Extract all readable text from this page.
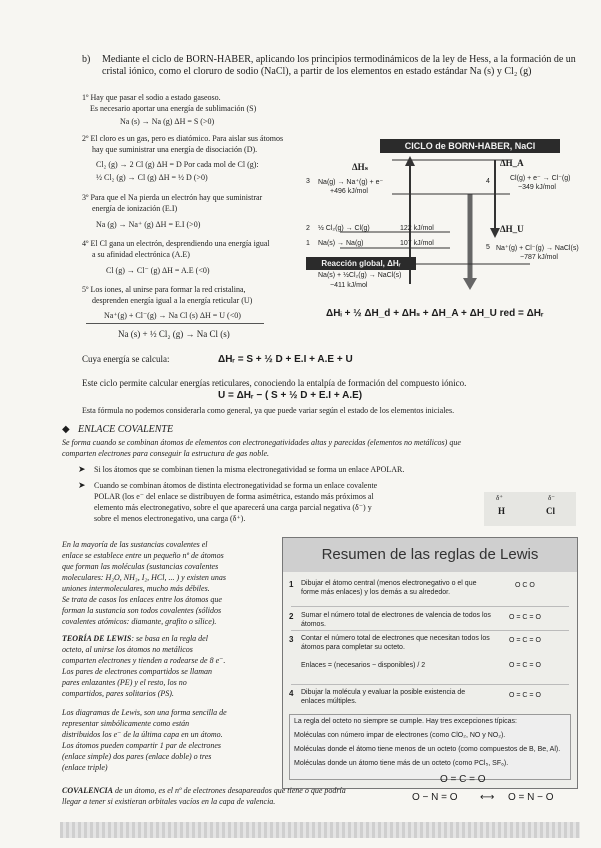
b) Mediante el ciclo de BORN-HABER, aplicando los principios termodinámicos de la ley de Hess, a la formación de un
cristal iónico, como el cloruro de sodio (NaCl), a partir de los elementos en estado estándar Na (s) y Cl₂ (g)
1º Hay que pasar el sodio a estado gaseoso.
Es necesario aportar una energía de sublimación (S)
Na (s) → Na (g) ΔH = S (>0)
2º El cloro es un gas, pero es diatómico. Para aislar sus átomos
hay que suministrar una energía de disociación (D).
Cl₂ (g) → 2 Cl (g) ΔH = D Por cada mol de Cl (g):
½ Cl₂ (g) → Cl (g) ΔH = ½ D (>0)
3º Para que el Na pierda un electrón hay que suministrar
energía de ionización (E.I)
Na (g) → Na⁺ (g) ΔH = E.I (>0)
4º El Cl gana un electrón, desprendiendo una energía igual
a su afinidad electrónica (A.E)
Cl (g) → Cl⁻ (g) ΔH = A.E (<0)
5º Los iones, al unirse para formar la red cristalina,
desprenden energía igual a la energía reticular (U)
Na⁺(g) + Cl⁻(g) → Na Cl (s) ΔH = U (<0)
Na (s) + ½ Cl₂ (g) → Na Cl (s)
CICLO de BORN-HABER, NaCl
ΔHₛ	ΔH_A
3 Na(g) → Na⁺(g) + e⁻
+496 kJ/mol
4	Cl(g) + e⁻ → Cl⁻(g)
−349 kJ/mol
2 ½ Cl₂(g) → Cl(g)	122 kJ/mol
1 Na(s) → Na(g)	107 kJ/mol
ΔH_U
5 Na⁺(g) + Cl⁻(g) → NaCl(s)
−787 kJ/mol
Reacción global, ΔHᵣ
Na(s) + ½Cl₂(g) → NaCl(s)
−411 kJ/mol
ΔHᵢ + ½ ΔH_d + ΔHₛ + ΔH_A + ΔH_U red = ΔHᵣ
Cuya energía se calcula:	ΔHᵣ = S + ½ D + E.I + A.E + U
Este ciclo permite calcular energías reticulares, conociendo la entalpía de formación del compuesto iónico.
U = ΔHᵣ − ( S + ½ D + E.I + A.E)
Esta fórmula no podemos considerarla como general, ya que puede variar según el estado de los elementos iniciales.
◆ ENLACE COVALENTE
Se forma cuando se combinan átomos de elementos con electronegatividades altas y parecidas (elementos no metálicos) que
comparten electrones para conseguir la estructura de gas noble.
➤ Si los átomos que se combinan tienen la misma electronegatividad se forma un enlace APOLAR.
➤ Cuando se combinan átomos de distinta electronegatividad se forma un enlace covalente
POLAR (los e⁻ del enlace se distribuyen de forma asimétrica, estando más próximos al
elemento más electronegativo, sobre el que aparecerá una carga parcial negativa (δ⁻) y
sobre el menos electronegativo, una carga (δ⁺).
δ⁺	δ⁻
H	Cl
En la mayoría de las sustancias covalentes el
enlace se establece entre un pequeño nº de átomos
que forman las moléculas (sustancias covalentes
moleculares: H₂O, NH₃, I₂, HCl, ... ) y existen unas
uniones intermoleculares, mucho más débiles.
Se trata de casos los enlaces entre los átomos que
forman la sustancia son todos covalentes (sólidos
covalentes atómicos: diamante, grafito o sílice).
TEORÍA DE LEWIS: se basa en la regla del
octeto, al unirse los átomos no metálicos
comparten electrones y tienden a rodearse de 8 e⁻.
Los pares de electrones compartidos se llaman
pares enlazantes (PE) y el resto, los no
compartidos, pares solitarios (PS).
Los diagramas de Lewis, son una forma sencilla de
representar simbólicamente como están
distribuidos los e⁻ de la última capa en un átomo.
Los átomos pueden compartir 1 par de electrones
(enlace simple) dos pares (enlace doble) o tres
(enlace triple)
Resumen de las reglas de Lewis
1 Dibujar el átomo central (menos electronegativo o el que forme más enlaces) y los demás a su alrededor.
O C O
2 Sumar el número total de electrones de valencia de todos los átomos.
O = C = O
3 Contar el número total de electrones que necesitan todos los átomos para completar su octeto.
O = C = O
Enlaces = (necesarios − disponibles) / 2	O = C = O
4 Dibujar la molécula y evaluar la posible existencia de enlaces múltiples.
O = C = O
La regla del octeto no siempre se cumple. Hay tres excepciones típicas:
Moléculas con número impar de electrones (como ClO₂, NO y NO₂).
Moléculas donde el átomo tiene menos de un octeto (como compuestos de B, Be, Al).
Moléculas donde un átomo tiene más de un octeto (como PCl₅, SF₆).
COVALENCIA de un átomo, es el nº de electrones desapareados que tiene o que podría
llegar a tener si existieran orbitales vacíos en la capa de valencia.
O = C = O
O − N = O ⟷ O = N − O
